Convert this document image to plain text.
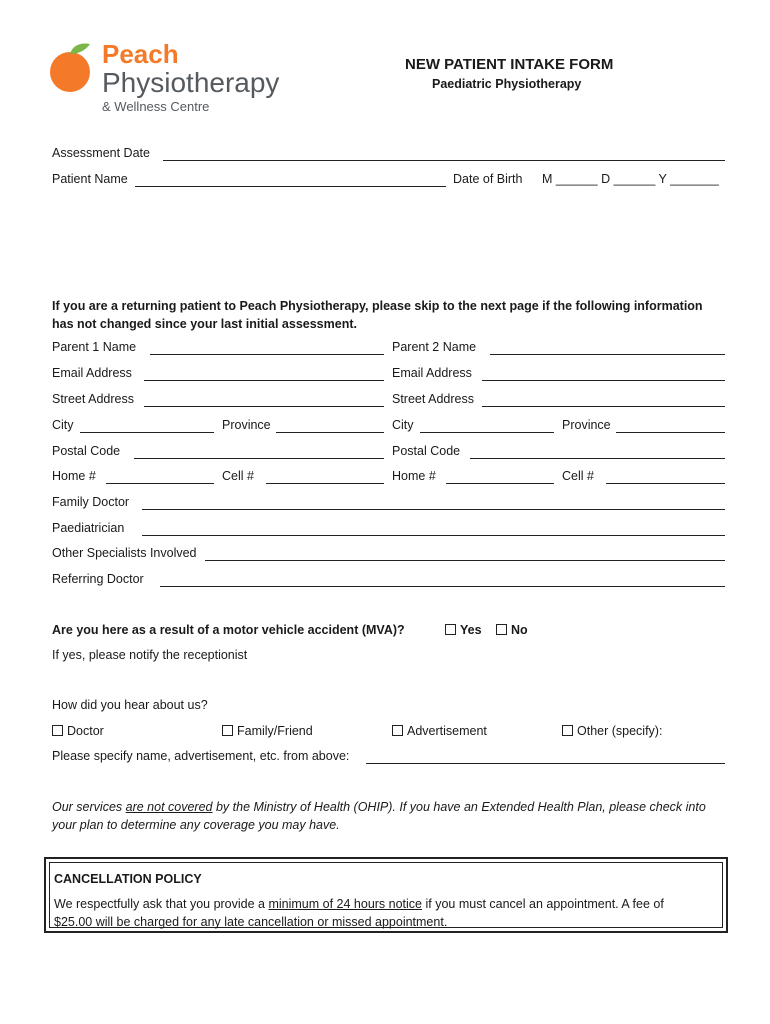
Peach
Physiotherapy
& Wellness Centre
NEW PATIENT INTAKE FORM
Paediatric Physiotherapy
Assessment Date
Patient Name	Date of Birth M ______ D ______ Y _______
If you are a returning patient to Peach Physiotherapy, please skip to the next page if the following information has not changed since your last initial assessment.
Parent 1 Name	Parent 2 Name
Email Address	Email Address
Street Address	Street Address
City	Province	City	Province
Postal Code	Postal Code
Home #	Cell #	Home #	Cell #
Family Doctor
Paediatrician
Other Specialists Involved
Referring Doctor
Are you here as a result of a motor vehicle accident (MVA)?	Yes	No
If yes, please notify the receptionist
How did you hear about us?
Doctor	Family/Friend	Advertisement	Other (specify):
Please specify name, advertisement, etc. from above:
Our services are not covered by the Ministry of Health (OHIP). If you have an Extended Health Plan, please check into
your plan to determine any coverage you may have.
CANCELLATION POLICY
We respectfully ask that you provide a minimum of 24 hours notice if you must cancel an appointment. A fee of
$25.00 will be charged for any late cancellation or missed appointment.
